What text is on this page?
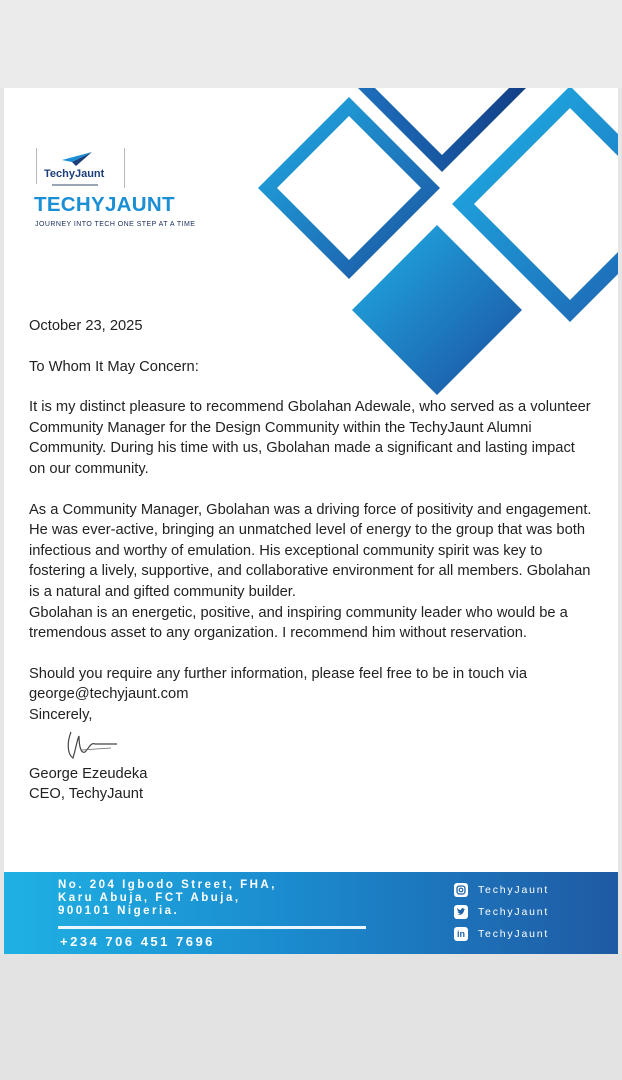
TechyJaunt
TECHYJAUNT
JOURNEY INTO TECH ONE STEP AT A TIME

October 23, 2025

To Whom It May Concern:

It is my distinct pleasure to recommend Gbolahan Adewale, who served as a volunteer Community Manager for the Design Community within the TechyJaunt Alumni Community. During his time with us, Gbolahan made a significant and lasting impact on our community.

As a Community Manager, Gbolahan was a driving force of positivity and engagement. He was ever-active, bringing an unmatched level of energy to the group that was both infectious and worthy of emulation. His exceptional community spirit was key to fostering a lively, supportive, and collaborative environment for all members. Gbolahan is a natural and gifted community builder.

Gbolahan is an energetic, positive, and inspiring community leader who would be a tremendous asset to any organization. I recommend him without reservation.

Should you require any further information, please feel free to be in touch via george@techyjaunt.com

Sincerely,

George Ezeudeka

CEO, TechyJaunt

No. 204 Igbodo Street, FHA,
Karu Abuja, FCT Abuja,
900101 Nigeria.
+234 706 451 7696
TechyJaunt
TechyJaunt
in TechyJaunt
